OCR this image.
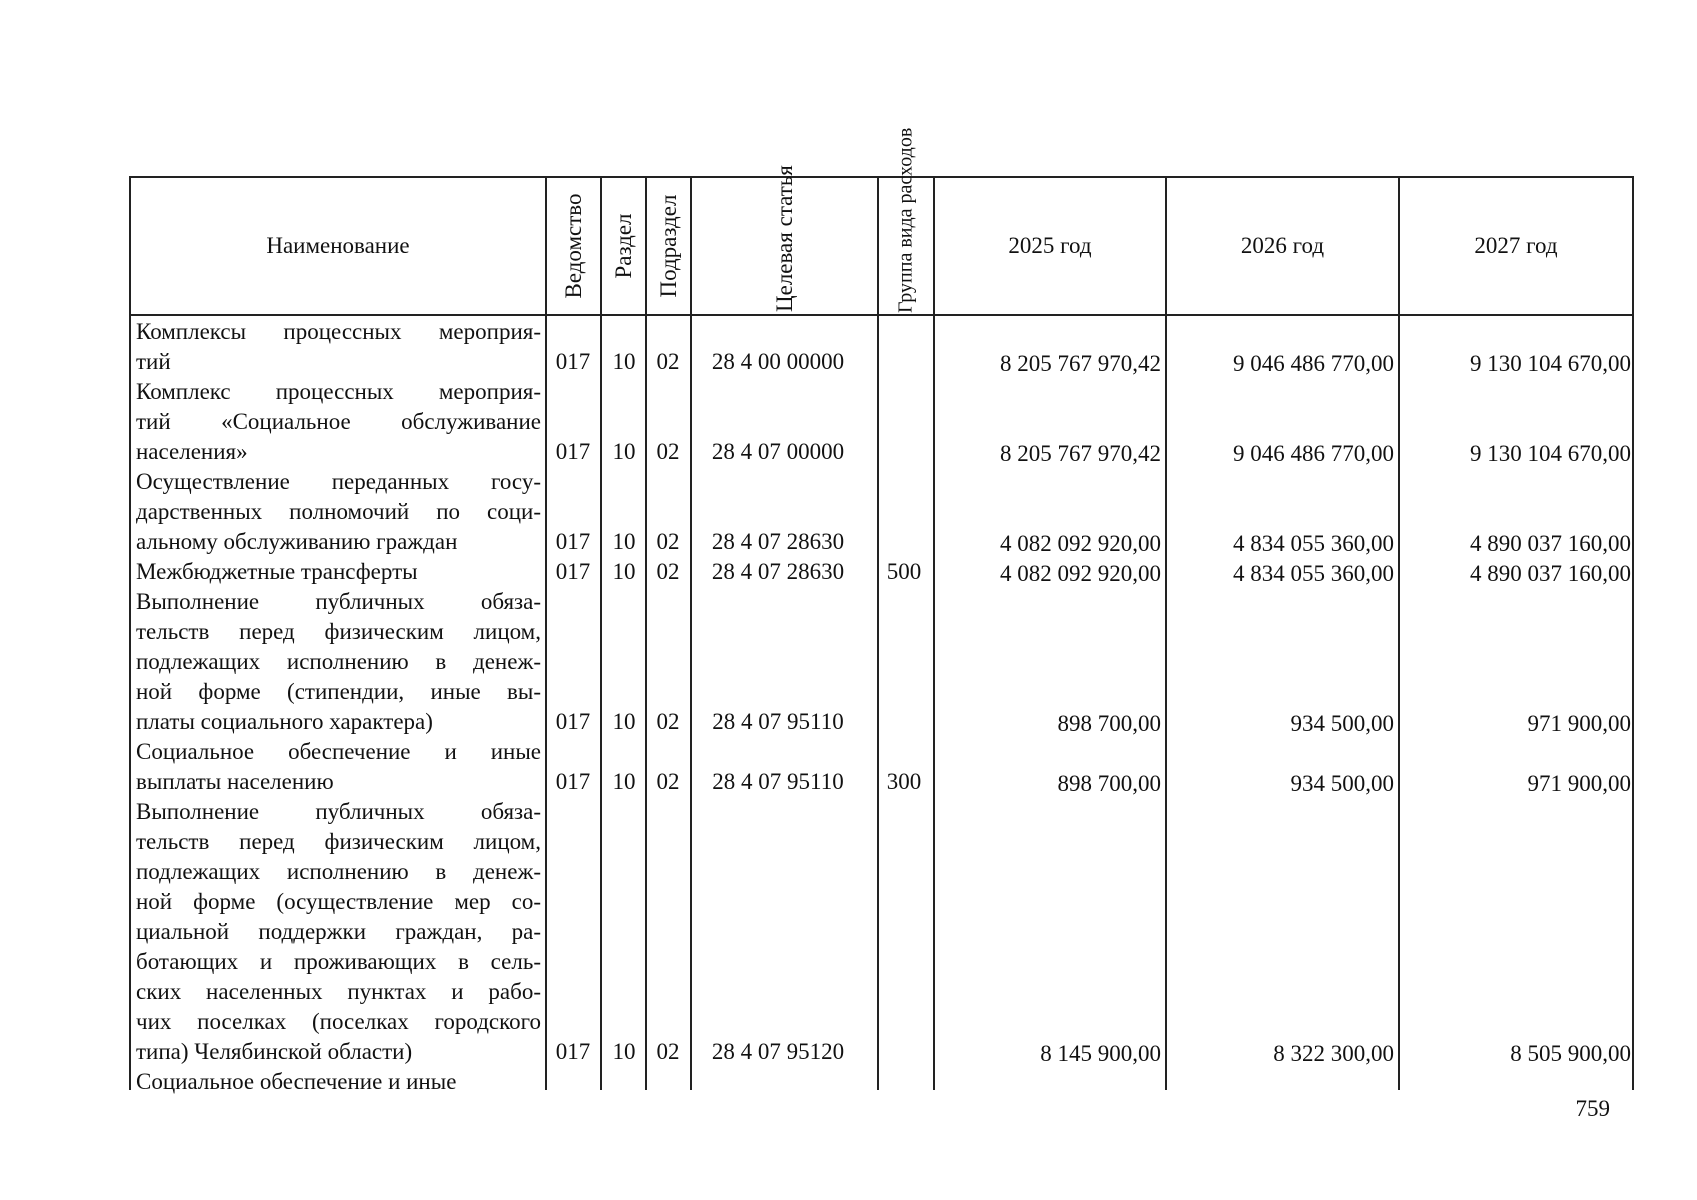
Наименование	Ведомство Раздел Подраздел	Целевая статья
Группа вида расходов
2025 год	2026 год	2027 год
Комплексы процессных мероприя-
тий	017 10 02	28 4 00 00000	8 205 767 970,42	9 046 486 770,00	9 130 104 670,00
Комплекс процессных мероприя-
тий «Социальное обслуживание
населения»	017 10 02	28 4 07 00000	8 205 767 970,42	9 046 486 770,00	9 130 104 670,00
Осуществление переданных госу-
дарственных полномочий по соци-
альному обслуживанию граждан	017 10 02	28 4 07 28630	4 082 092 920,00	4 834 055 360,00	4 890 037 160,00
Межбюджетные трансферты	017 10 02	28 4 07 28630	500	4 082 092 920,00	4 834 055 360,00	4 890 037 160,00
Выполнение публичных обяза-
тельств перед физическим лицом,
подлежащих исполнению в денеж-
ной форме (стипендии, иные вы-
платы социального характера)	017 10 02	28 4 07 95110	898 700,00	934 500,00	971 900,00
Социальное обеспечение и иные
выплаты населению	017 10 02	28 4 07 95110	300	898 700,00	934 500,00	971 900,00
Выполнение публичных обяза-
тельств перед физическим лицом,
подлежащих исполнению в денеж-
ной форме (осуществление мер со-
циальной поддержки граждан, ра-
ботающих и проживающих в сель-
ских населенных пунктах и рабо-
чих поселках (поселках городского
типа) Челябинской области)	017 10 02	28 4 07 95120	8 145 900,00	8 322 300,00	8 505 900,00
Социальное обеспечение и иные
759
